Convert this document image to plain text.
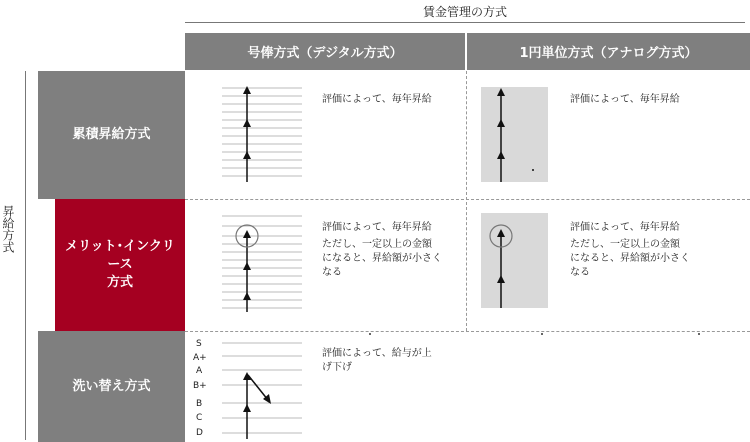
賃金管理の方式
号俸方式（デジタル方式）	1円単位方式（アナログ方式）
昇給方式
累積昇給方式
メリット･インクリ
ース
方式
洗い替え方式
評価によって、毎年昇給	評価によって、毎年昇給
評価によって、毎年昇給
ただし、一定以上の金額
になると、昇給額が小さく
なる
評価によって、毎年昇給
ただし、一定以上の金額
になると、昇給額が小さく
なる
S
A+
A
B+
B
C
D
評価によって、給与が上
げ下げ
